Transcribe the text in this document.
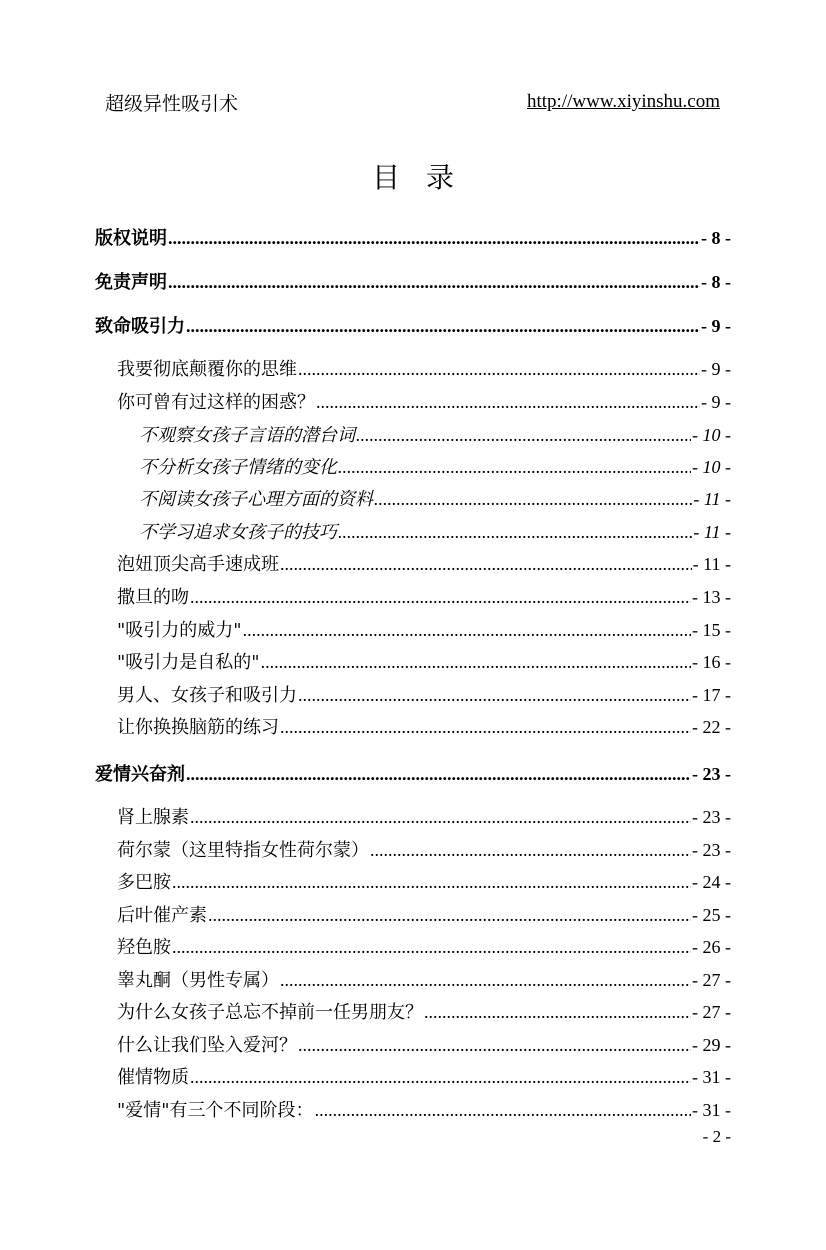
超级异性吸引术	http://www.xiyinshu.com
目录
版权说明 .....	- 8 -
免责声明 .....	- 8 -
致命吸引力 .....	- 9 -
我要彻底颠覆你的思维 .....	- 9 -
你可曾有过这样的困惑？ .....	- 9 -
不观察女孩子言语的潜台词 .....	- 10 -
不分析女孩子情绪的变化 .....	- 10 -
不阅读女孩子心理方面的资料 .....	- 11 -
不学习追求女孩子的技巧 .....	- 11 -
泡妞顶尖高手速成班 .....	- 11 -
撒旦的吻 .....	- 13 -
"吸引力的威力" .....	- 15 -
"吸引力是自私的" .....	- 16 -
男人、女孩子和吸引力 .....	- 17 -
让你换换脑筋的练习 .....	- 22 -
爱情兴奋剂 .....	- 23 -
肾上腺素 .....	- 23 -
荷尔蒙（这里特指女性荷尔蒙） .....	- 23 -
多巴胺 .....	- 24 -
后叶催产素 .....	- 25 -
羟色胺 .....	- 26 -
睾丸酮（男性专属） .....	- 27 -
为什么女孩子总忘不掉前一任男朋友？ .....	- 27 -
什么让我们坠入爱河？ .....	- 29 -
催情物质 .....	- 31 -
"爱情"有三个不同阶段： .....	- 31 -
- 2 -
